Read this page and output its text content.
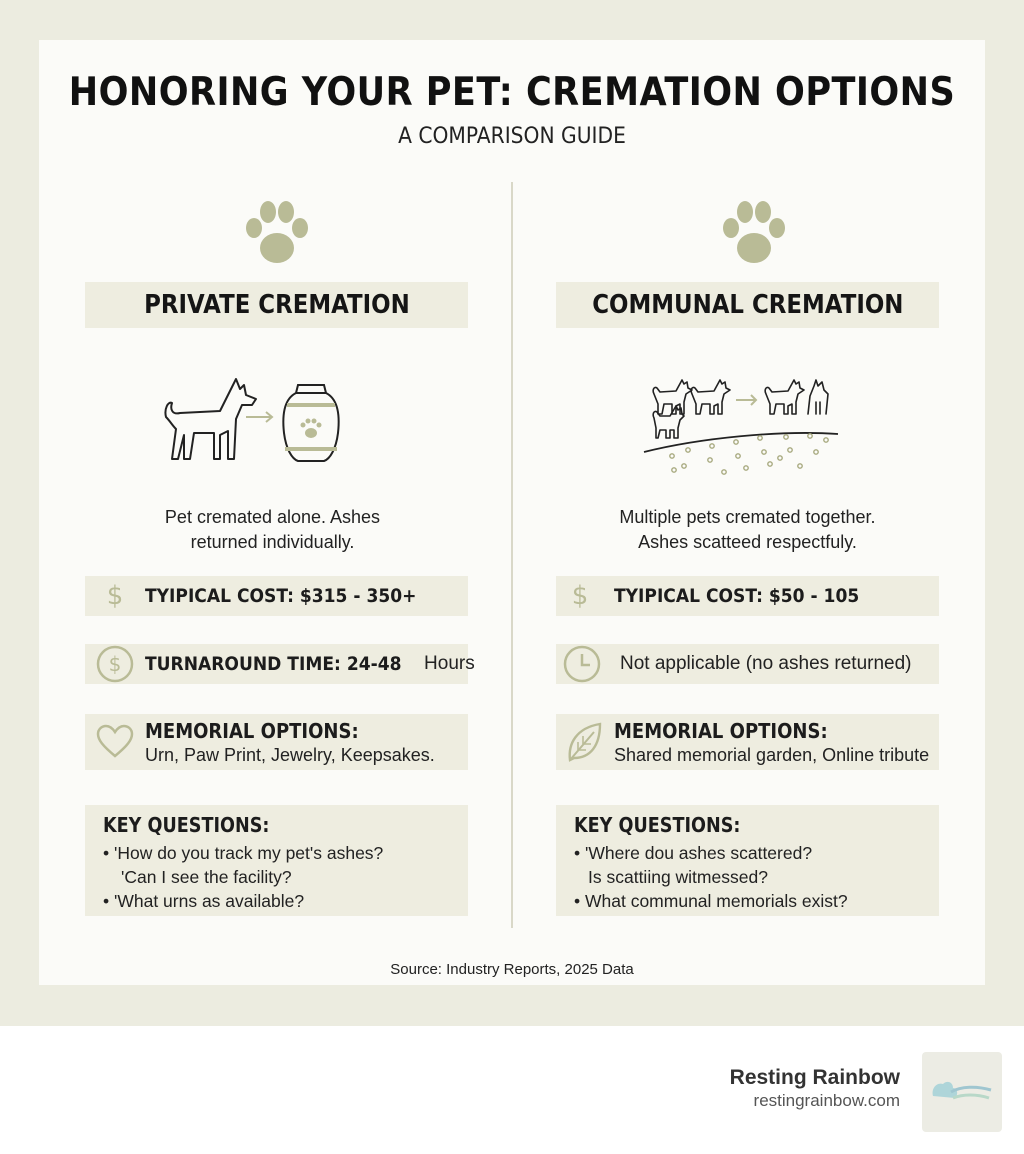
HONORING YOUR PET: CREMATION OPTIONS
A COMPARISON GUIDE
PRIVATE CREMATION
Pet cremated alone. Ashes
returned individually.
$ TYIPICAL COST: $315 - 350+
$ TURNAROUND TIME: 24-48 Hours
MEMORIAL OPTIONS:
Urn, Paw Print, Jewelry, Keepsakes.
KEY QUESTIONS:
• 'How do you track my pet's ashes?
'Can I see the facility?
• 'What urns as available?
COMMUNAL CREMATION
Multiple pets cremated together.
Ashes scatteed respectfuly.
$ TYIPICAL COST: $50 - 105
Not applicable (no ashes returned)
MEMORIAL OPTIONS:
Shared memorial garden, Online tribute
KEY QUESTIONS:
• 'Where dou ashes scattered?
Is scattiing witmessed?
• What communal memorials exist?
Source: Industry Reports, 2025 Data
Resting Rainbow
restingrainbow.com
